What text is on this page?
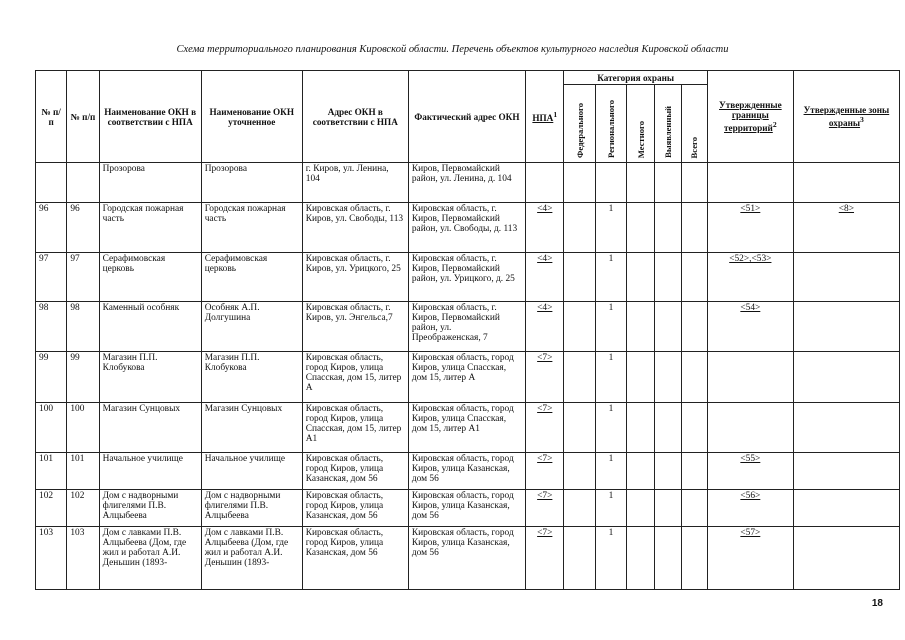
Схема территориального планирования Кировской области. Перечень объектов культурного наследия Кировской области
№ п/п	№ п/п	Наименование ОКН в соответствии с НПА	Наименование ОКН уточненное	Адрес ОКН в соответствии с НПА	Фактический адрес ОКН	НПА$^1$	Категория охраны					Утвержденные границы территорий$^2$	Утвержденные зоны охраны$^3$
							Федерального	Регионального	Местного	Выявленный	Всего		
		Прозорова	Прозорова	г. Киров, ул. Ленина, 104	Киров, Первомайский район, ул. Ленина, д. 104								
96	96	Городская пожарная часть	Городская пожарная часть	Кировская область, г. Киров, ул. Свободы, 113	Кировская область, г. Киров, Первомайский район, ул. Свободы, д. 113	<4>		1				<51>	<8>
97	97	Серафимовская церковь	Серафимовская церковь	Кировская область, г. Киров, ул. Урицкого, 25	Кировская область, г. Киров, Первомайский район, ул. Урицкого, д. 25	<4>		1				<52>,<53>	
98	98	Каменный особняк	Особняк А.П. Долгушина	Кировская область, г. Киров, ул. Энгельса,7	Кировская область, г. Киров, Первомайский район, ул. Преображенская, 7	<4>		1				<54>	
99	99	Магазин П.П. Клобукова	Магазин П.П. Клобукова	Кировская область, город Киров, улица Спасская, дом 15, литер А	Кировская область, город Киров, улица Спасская, дом 15, литер А	<7>		1					
100	100	Магазин Сунцовых	Магазин Сунцовых	Кировская область, город Киров, улица Спасская, дом 15, литер А1	Кировская область, город Киров, улица Спасская, дом 15, литер А1	<7>		1					
101	101	Начальное училище	Начальное училище	Кировская область, город Киров, улица Казанская, дом 56	Кировская область, город Киров, улица Казанская, дом 56	<7>		1				<55>	
102	102	Дом с надворными флигелями П.В. Алцыбеева	Дом с надворными флигелями П.В. Алцыбеева	Кировская область, город Киров, улица Казанская, дом 56	Кировская область, город Киров, улица Казанская, дом 56	<7>		1				<56>	
103	103	Дом с лавками П.В. Алцыбеева (Дом, где жил и работал А.И. Деньшин (1893-	Дом с лавками П.В. Алцыбеева (Дом, где жил и работал А.И. Деньшин (1893-	Кировская область, город Киров, улица Казанская, дом 56	Кировская область, город Киров, улица Казанская, дом 56	<7>		1				<57>	
18
